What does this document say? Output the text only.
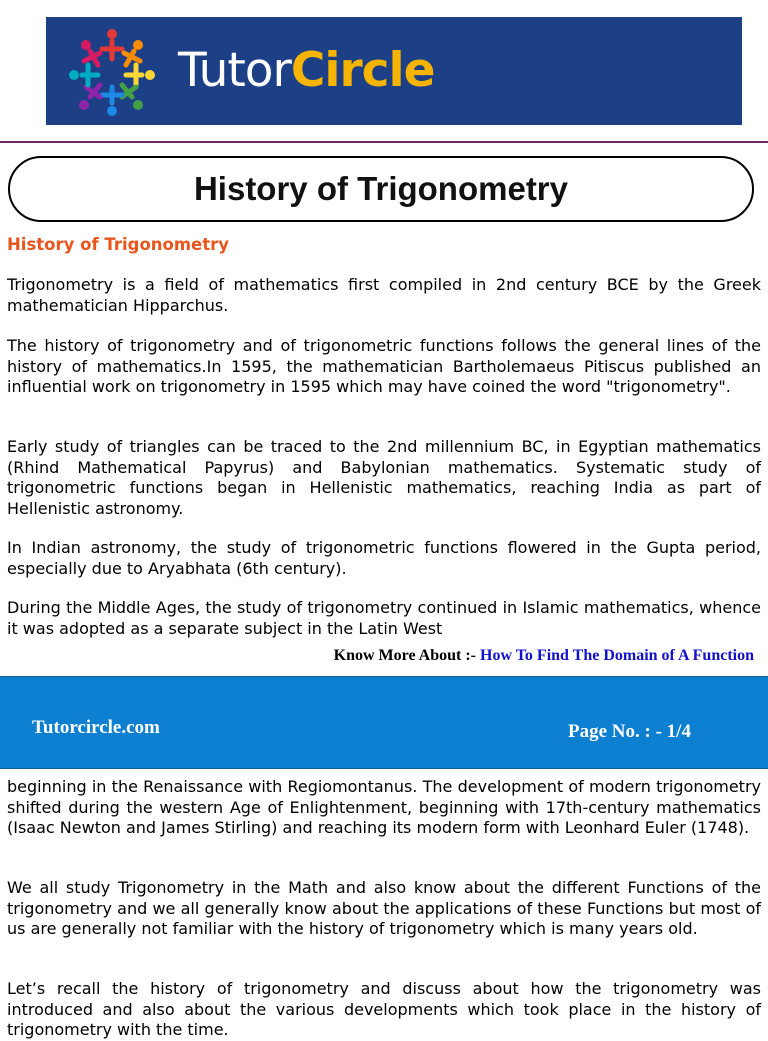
TutorCircle
History of Trigonometry
History of Trigonometry

Trigonometry is a field of mathematics first compiled in 2nd century BCE by the Greek mathematician Hipparchus.

The history of trigonometry and of trigonometric functions follows the general lines of the history of mathematics.In 1595, the mathematician Bartholemaeus Pitiscus published an influential work on trigonometry in 1595 which may have coined the word "trigonometry".

Early study of triangles can be traced to the 2nd millennium BC, in Egyptian mathematics (Rhind Mathematical Papyrus) and Babylonian mathematics. Systematic study of trigonometric functions began in Hellenistic mathematics, reaching India as part of Hellenistic astronomy.

In Indian astronomy, the study of trigonometric functions flowered in the Gupta period, especially due to Aryabhata (6th century).

During the Middle Ages, the study of trigonometry continued in Islamic mathematics, whence it was adopted as a separate subject in the Latin West

Know More About :- How To Find The Domain of A Function
Tutorcircle.com	Page No. : - 1/4

beginning in the Renaissance with Regiomontanus. The development of modern trigonometry shifted during the western Age of Enlightenment, beginning with 17th-century mathematics (Isaac Newton and James Stirling) and reaching its modern form with Leonhard Euler (1748).

We all study Trigonometry in the Math and also know about the different Functions of the trigonometry and we all generally know about the applications of these Functions but most of us are generally not familiar with the history of trigonometry which is many years old.

Let’s recall the history of trigonometry and discuss about how the trigonometry was introduced and also about the various developments which took place in the history of trigonometry with the time.
